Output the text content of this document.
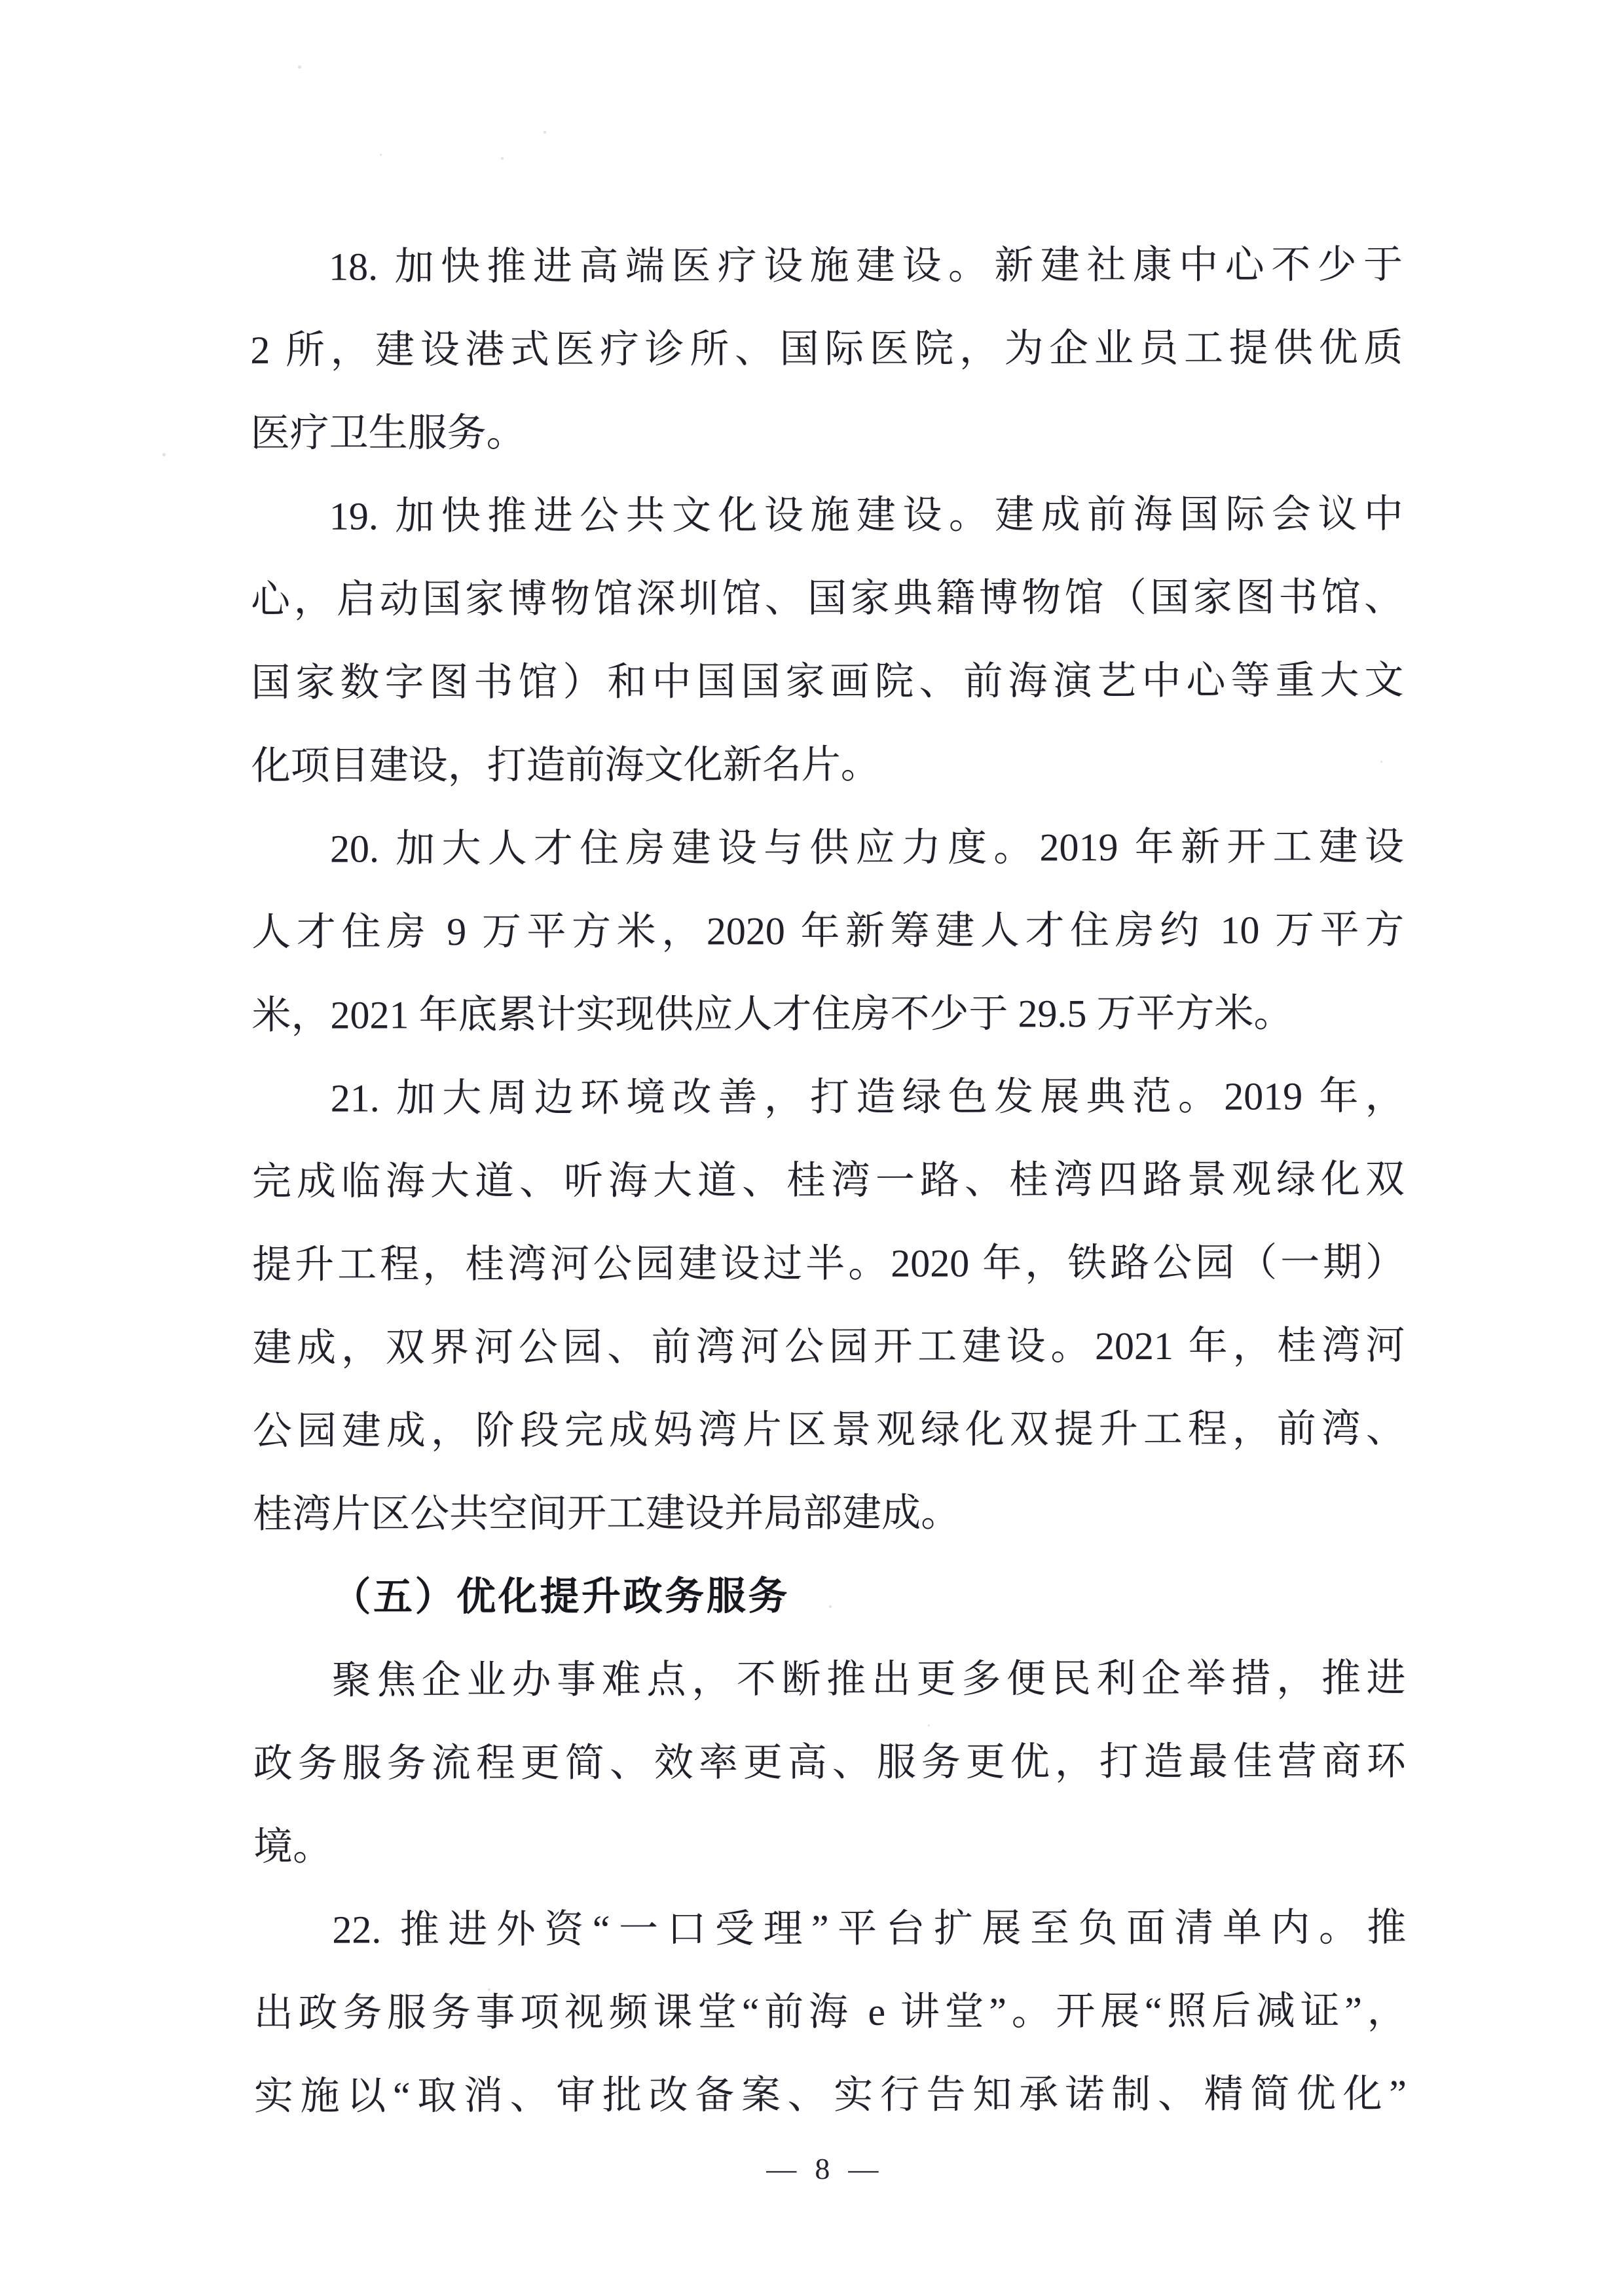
18. 加快推进高端医疗设施建设。新建社康中心不少于
2 所，建设港式医疗诊所、国际医院，为企业员工提供优质
医疗卫生服务。
19. 加快推进公共文化设施建设。建成前海国际会议中
心，启动国家博物馆深圳馆、国家典籍博物馆（国家图书馆、
国家数字图书馆）和中国国家画院、前海演艺中心等重大文
化项目建设，打造前海文化新名片。
20. 加大人才住房建设与供应力度。2019 年新开工建设
人才住房 9 万平方米，2020 年新筹建人才住房约 10 万平方
米，2021 年底累计实现供应人才住房不少于 29.5 万平方米。
21. 加大周边环境改善，打造绿色发展典范。2019 年，
完成临海大道、听海大道、桂湾一路、桂湾四路景观绿化双
提升工程，桂湾河公园建设过半。2020 年，铁路公园（一期）
建成，双界河公园、前湾河公园开工建设。2021 年，桂湾河
公园建成，阶段完成妈湾片区景观绿化双提升工程，前湾、
桂湾片区公共空间开工建设并局部建成。
（五）优化提升政务服务
聚焦企业办事难点，不断推出更多便民利企举措，推进
政务服务流程更简、效率更高、服务更优，打造最佳营商环
境。
22. 推进外资“一口受理”平台扩展至负面清单内。推
出政务服务事项视频课堂“前海 e 讲堂”。开展“照后减证”，
实施以“取消、审批改备案、实行告知承诺制、精简优化”
— 8 —
